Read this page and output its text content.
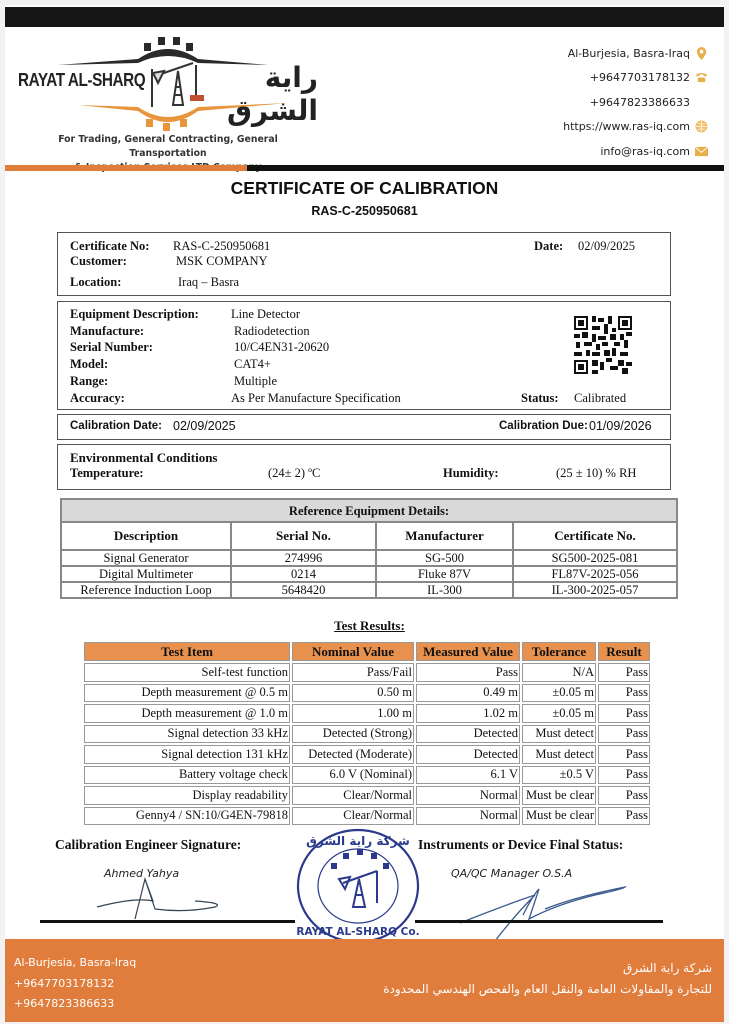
RAYAT AL-SHARQ	راية الشرق
For Trading, General Contracting, General Transportation
Al-Burjesia, Basra-Iraq
+9647703178132
+9647823386633
https://www.ras-iq.com
info@ras-iq.com
CERTIFICATE OF CALIBRATION
RAS-C-250950681
Certificate No: RAS-C-250950681	Date: 02/09/2025
Customer:	MSK COMPANY
Location:	Iraq – Basra
Equipment Description:	Line Detector
Manufacture:	Radiodetection
Serial Number:	10/C4EN31-20620
Model:	CAT4+
Range:	Multiple
Accuracy:	As Per Manufacture Specification	Status: Calibrated
Calibration Date: 02/09/2025	Calibration Due: 01/09/2026
Environmental Conditions
Temperature:	(24± 2) ºC	Humidity:	(25 ± 10) % RH
Reference Equipment Details:			
Description	Serial No.	Manufacturer	Certificate No.
Signal Generator	274996	SG-500	SG500-2025-081
Digital Multimeter	0214	Fluke 87V	FL87V-2025-056
Reference Induction Loop	5648420	IL-300	IL-300-2025-057
Test Results:
Test Item	Nominal Value	Measured Value	Tolerance	Result
Self-test function	Pass/Fail	Pass	N/A	Pass
Depth measurement @ 0.5 m	0.50 m	0.49 m	±0.05 m	Pass
Depth measurement @ 1.0 m	1.00 m	1.02 m	±0.05 m	Pass
Signal detection 33 kHz	Detected (Strong)	Detected	Must detect	Pass
Signal detection 131 kHz	Detected (Moderate)	Detected	Must detect	Pass
Battery voltage check	6.0 V (Nominal)	6.1 V	±0.5 V	Pass
Display readability	Clear/Normal	Normal	Must be clear	Pass
Genny4 / SN:10/G4EN-79818	Clear/Normal	Normal	Must be clear	Pass
Calibration Engineer Signature:
Ahmed Yahya
Instruments or Device Final Status:
QA/QC Manager O.S.A
شركة راية الشرق
RAYAT AL-SHARQ Co.
Al-Burjesia, Basra-Iraq
+9647703178132
+9647823386633
شركة راية الشرق
للتجارة والمقاولات العامة والنقل العام والفحص الهندسي المحدودة
